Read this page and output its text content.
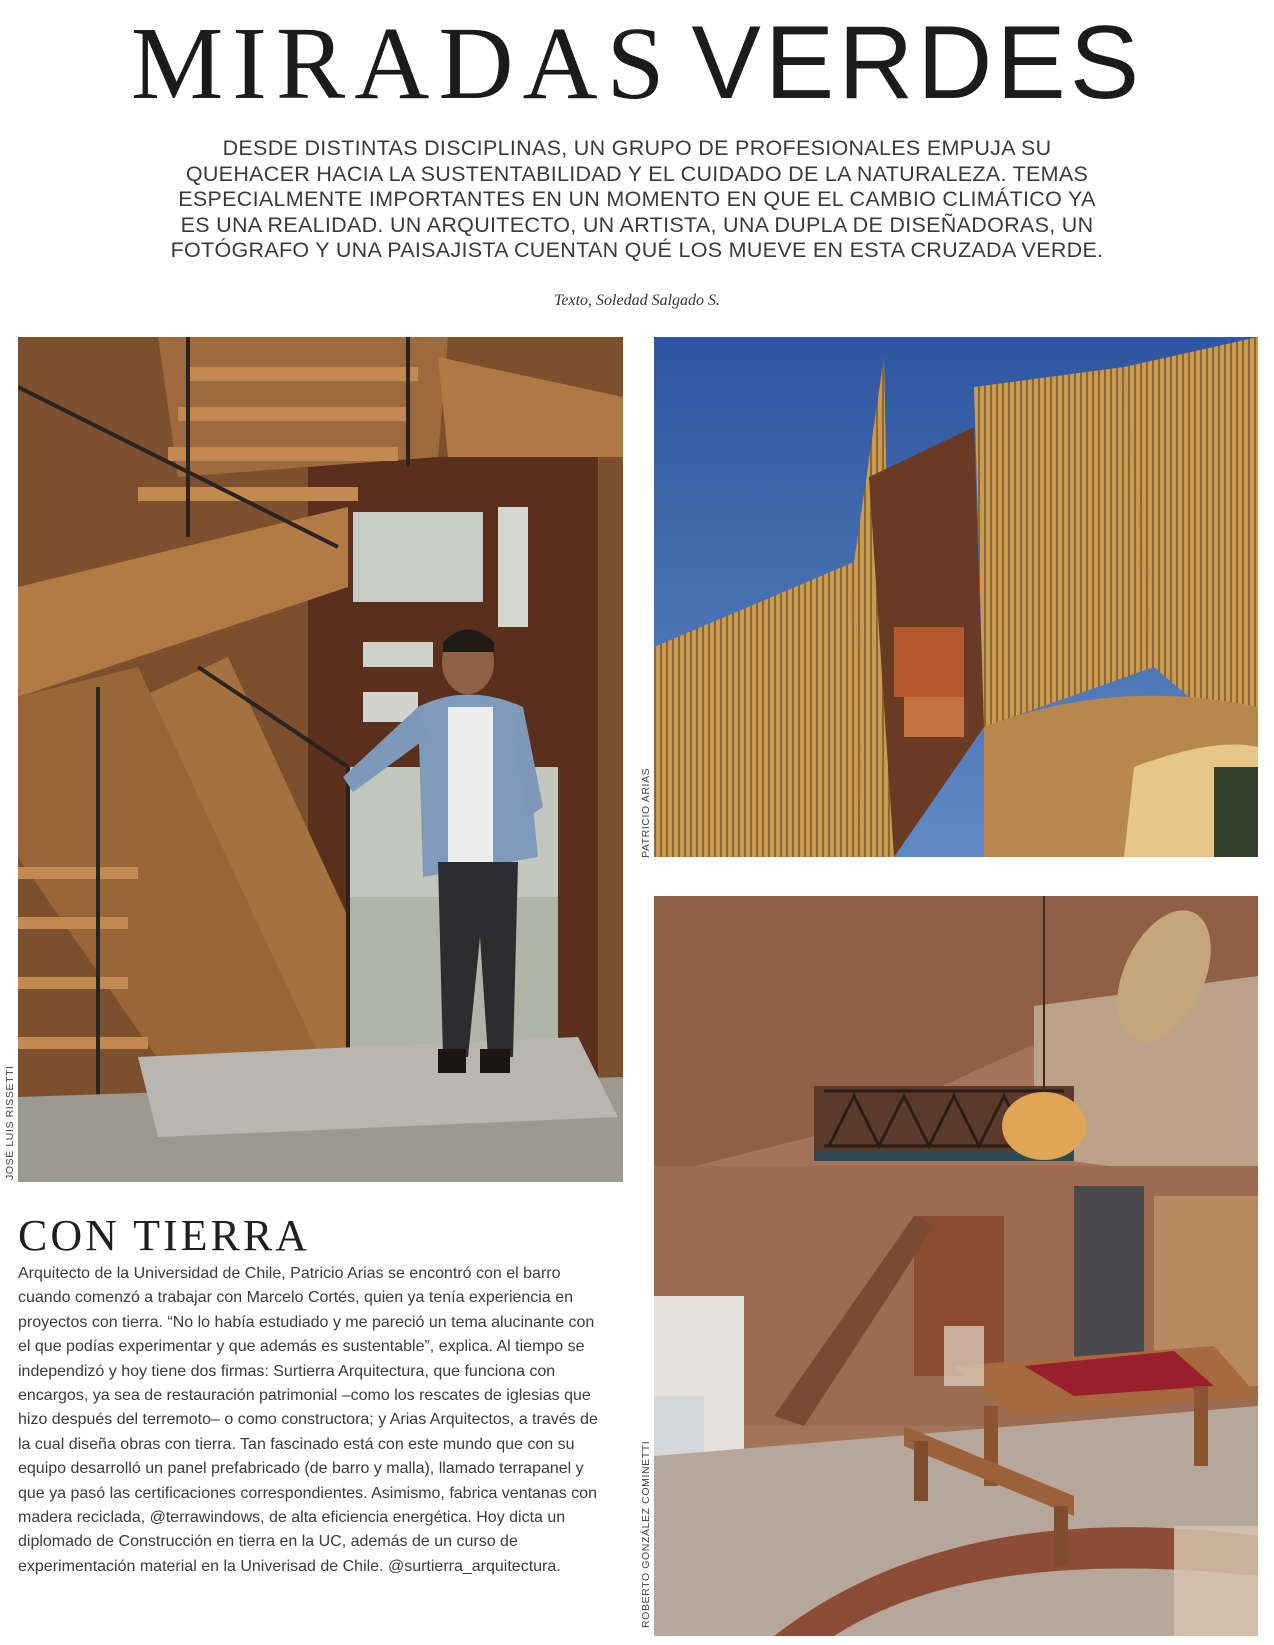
MIRADAS VERDES

DESDE DISTINTAS DISCIPLINAS, UN GRUPO DE PROFESIONALES EMPUJA SU QUEHACER HACIA LA SUSTENTABILIDAD Y EL CUIDADO DE LA NATURALEZA. TEMAS ESPECIALMENTE IMPORTANTES EN UN MOMENTO EN QUE EL CAMBIO CLIMÁTICO YA ES UNA REALIDAD. UN ARQUITECTO, UN ARTISTA, UNA DUPLA DE DISEÑADORAS, UN FOTÓGRAFO Y UNA PAISAJISTA CUENTAN QUÉ LOS MUEVE EN ESTA CRUZADA VERDE.

Texto, Soledad Salgado S.
JOSÉ LUIS RISSETTI
PATRICIO ARIAS
ROBERTO GONZÁLEZ COMINETTI
CON TIERRA

Arquitecto de la Universidad de Chile, Patricio Arias se encontró con el barro cuando comenzó a trabajar con Marcelo Cortés, quien ya tenía experiencia en proyectos con tierra. “No lo había estudiado y me pareció un tema alucinante con el que podías experimentar y que además es sustentable”, explica. Al tiempo se independizó y hoy tiene dos firmas: Surtierra Arquitectura, que funciona con encargos, ya sea de restauración patrimonial –como los rescates de iglesias que hizo después del terremoto– o como constructora; y Arias Arquitectos, a través de la cual diseña obras con tierra. Tan fascinado está con este mundo que con su equipo desarrolló un panel prefabricado (de barro y malla), llamado terrapanel y que ya pasó las certificaciones correspondientes. Asimismo, fabrica ventanas con madera reciclada, @terrawindows, de alta eficiencia energética. Hoy dicta un diplomado de Construcción en tierra en la UC, además de un curso de experimentación material en la Univerisad de Chile. @surtierra_arquitectura.
